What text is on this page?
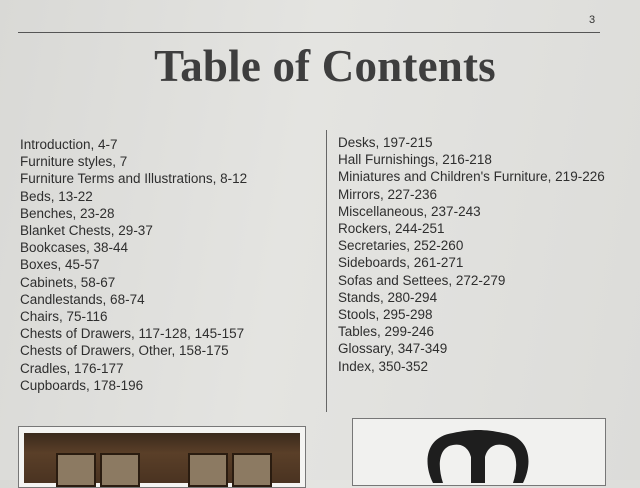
3
Table of Contents
Introduction, 4-7
Furniture styles, 7
Furniture Terms and Illustrations, 8-12
Beds, 13-22
Benches, 23-28
Blanket Chests, 29-37
Bookcases, 38-44
Boxes, 45-57
Cabinets, 58-67
Candlestands, 68-74
Chairs, 75-116
Chests of Drawers, 117-128, 145-157
Chests of Drawers, Other, 158-175
Cradles, 176-177
Cupboards, 178-196
Desks, 197-215
Hall Furnishings, 216-218
Miniatures and Children's Furniture, 219-226
Mirrors, 227-236
Miscellaneous, 237-243
Rockers, 244-251
Secretaries, 252-260
Sideboards, 261-271
Sofas and Settees, 272-279
Stands, 280-294
Stools, 295-298
Tables, 299-246
Glossary, 347-349
Index, 350-352
